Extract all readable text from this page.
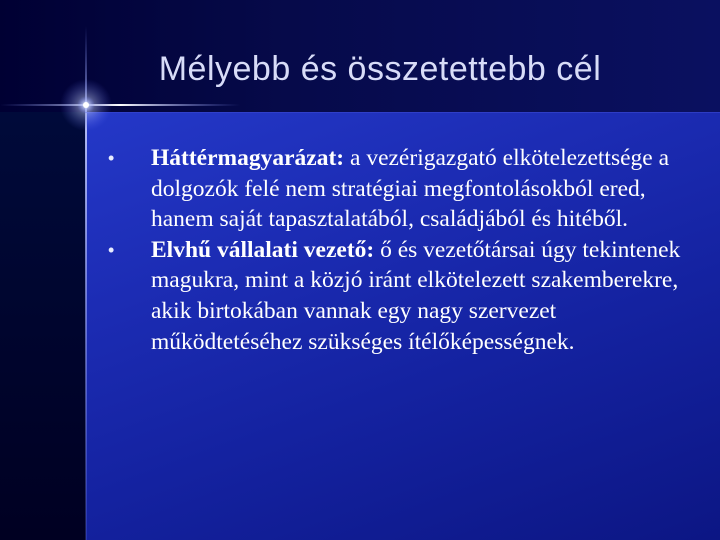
Mélyebb és összetettebb cél
• Háttérmagyarázat: a vezérigazgató elkötelezettsége a dolgozók felé nem stratégiai megfontolásokból ered, hanem saját tapasztalatából, családjából és hitéből.
• Elvhű vállalati vezető: ő és vezetőtársai úgy tekintenek magukra, mint a közjó iránt elkötelezett szakemberekre, akik birtokában vannak egy nagy szervezet működtetéséhez szükséges ítélőképességnek.
